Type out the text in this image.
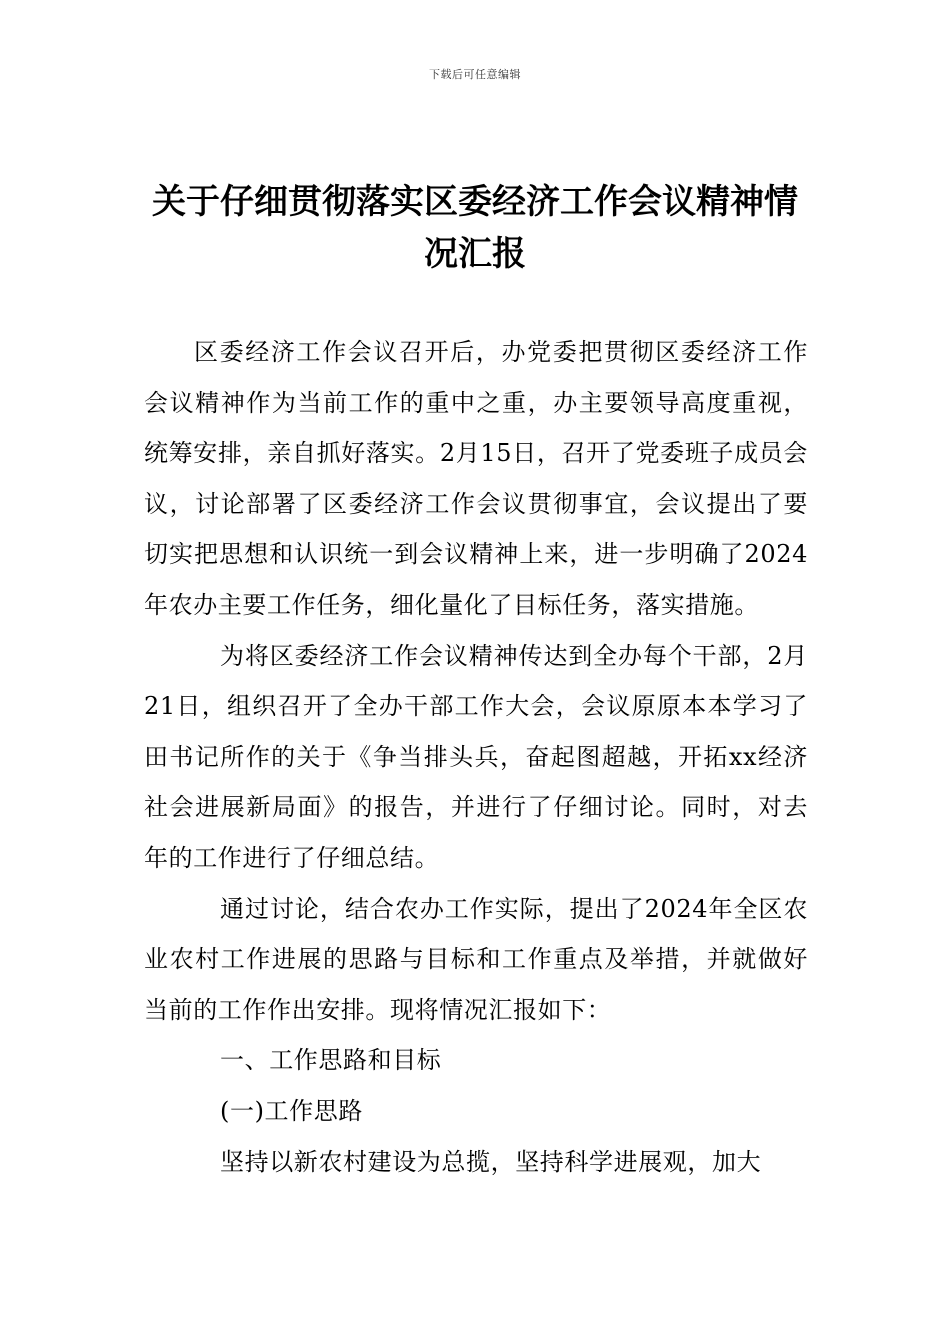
下载后可任意编辑
关于仔细贯彻落实区委经济工作会议精神情况汇报

区委经济工作会议召开后，办党委把贯彻区委经济工作会议精神作为当前工作的重中之重，办主要领导高度重视，统筹安排，亲自抓好落实。2月15日，召开了党委班子成员会议，讨论部署了区委经济工作会议贯彻事宜，会议提出了要切实把思想和认识统一到会议精神上来，进一步明确了2024年农办主要工作任务，细化量化了目标任务，落实措施。

为将区委经济工作会议精神传达到全办每个干部，2月21日，组织召开了全办干部工作大会，会议原原本本学习了田书记所作的关于《争当排头兵，奋起图超越，开拓xx经济社会进展新局面》的报告，并进行了仔细讨论。同时，对去年的工作进行了仔细总结。

通过讨论，结合农办工作实际，提出了2024年全区农业农村工作进展的思路与目标和工作重点及举措，并就做好当前的工作作出安排。现将情况汇报如下：

一、工作思路和目标

(一)工作思路

坚持以新农村建设为总揽，坚持科学进展观，加大
